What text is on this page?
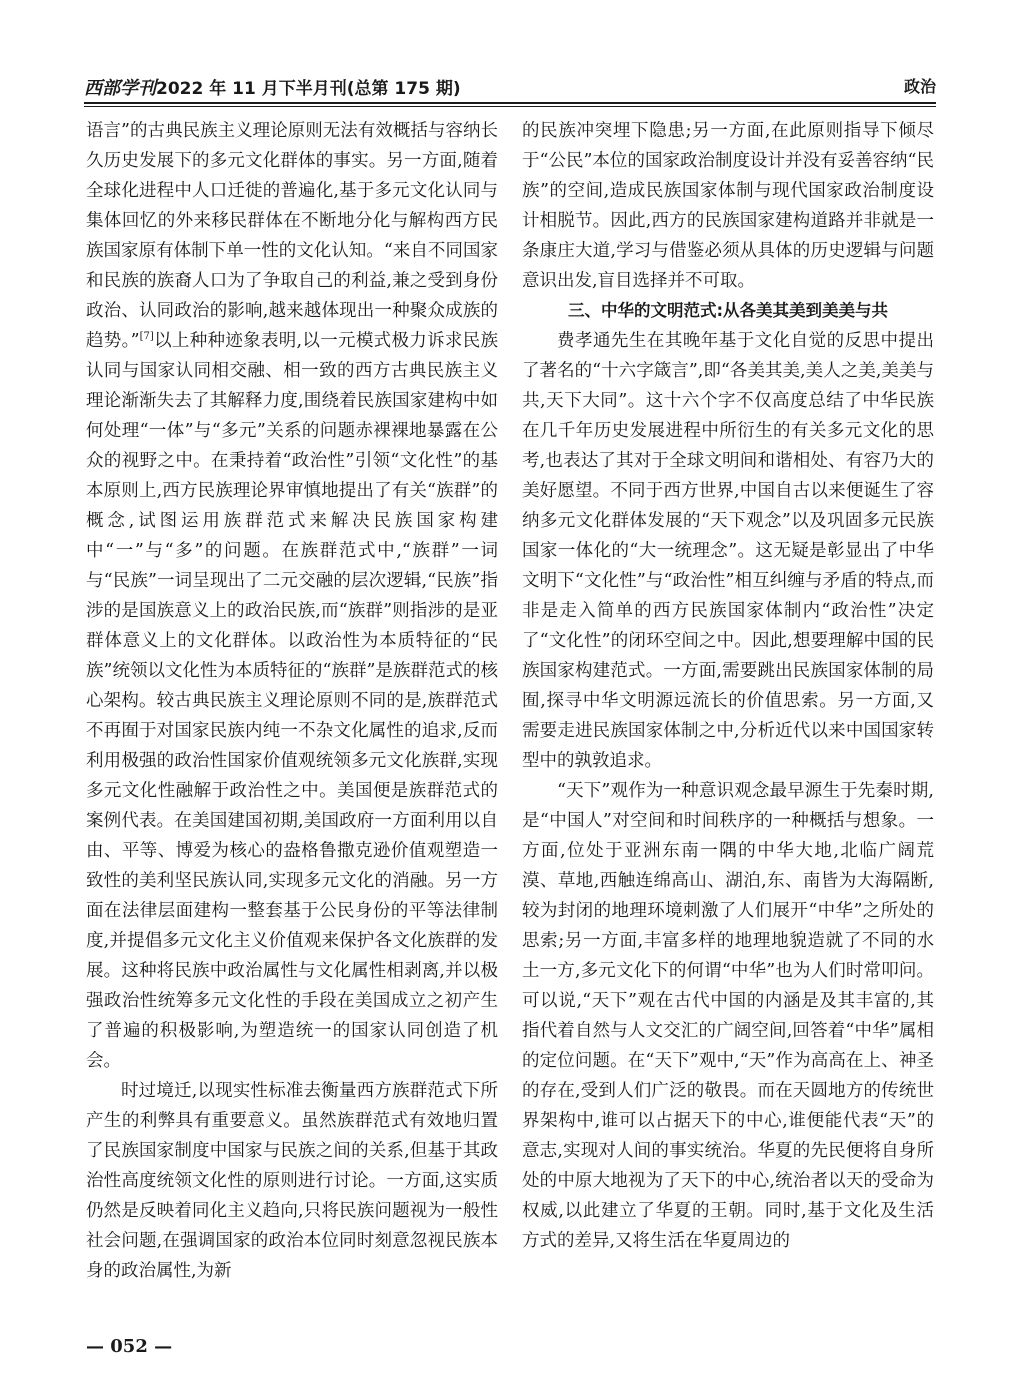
西部学刊2022 年 11 月下半月刊(总第 175 期)	政治

语言”的古典民族主义理论原则无法有效概括与容纳长久历史发展下的多元文化群体的事实。另一方面,随着全球化进程中人口迁徙的普遍化,基于多元文化认同与集体回忆的外来移民群体在不断地分化与解构西方民族国家原有体制下单一性的文化认知。“来自不同国家和民族的族裔人口为了争取自己的利益,兼之受到身份政治、认同政治的影响,越来越体现出一种聚众成族的趋势。”[7]以上种种迹象表明,以一元模式极力诉求民族认同与国家认同相交融、相一致的西方古典民族主义理论渐渐失去了其解释力度,围绕着民族国家建构中如何处理“一体”与“多元”关系的问题赤裸裸地暴露在公众的视野之中。在秉持着“政治性”引领“文化性”的基本原则上,西方民族理论界审慎地提出了有关“族群”的概念,试图运用族群范式来解决民族国家构建中“一”与“多”的问题。在族群范式中,“族群”一词与“民族”一词呈现出了二元交融的层次逻辑,“民族”指涉的是国族意义上的政治民族,而“族群”则指涉的是亚群体意义上的文化群体。以政治性为本质特征的“民族”统领以文化性为本质特征的“族群”是族群范式的核心架构。较古典民族主义理论原则不同的是,族群范式不再囿于对国家民族内纯一不杂文化属性的追求,反而利用极强的政治性国家价值观统领多元文化族群,实现多元文化性融解于政治性之中。美国便是族群范式的案例代表。在美国建国初期,美国政府一方面利用以自由、平等、博爱为核心的盎格鲁撒克逊价值观塑造一致性的美利坚民族认同,实现多元文化的消融。另一方面在法律层面建构一整套基于公民身份的平等法律制度,并提倡多元文化主义价值观来保护各文化族群的发展。这种将民族中政治属性与文化属性相剥离,并以极强政治性统筹多元文化性的手段在美国成立之初产生了普遍的积极影响,为塑造统一的国家认同创造了机会。

时过境迁,以现实性标准去衡量西方族群范式下所产生的利弊具有重要意义。虽然族群范式有效地归置了民族国家制度中国家与民族之间的关系,但基于其政治性高度统领文化性的原则进行讨论。一方面,这实质仍然是反映着同化主义趋向,只将民族问题视为一般性社会问题,在强调国家的政治本位同时刻意忽视民族本身的政治属性,为新

的民族冲突埋下隐患;另一方面,在此原则指导下倾尽于“公民”本位的国家政治制度设计并没有妥善容纳“民族”的空间,造成民族国家体制与现代国家政治制度设计相脱节。因此,西方的民族国家建构道路并非就是一条康庄大道,学习与借鉴必须从具体的历史逻辑与问题意识出发,盲目选择并不可取。

三、中华的文明范式:从各美其美到美美与共

费孝通先生在其晚年基于文化自觉的反思中提出了著名的“十六字箴言”,即“各美其美,美人之美,美美与共,天下大同”。这十六个字不仅高度总结了中华民族在几千年历史发展进程中所衍生的有关多元文化的思考,也表达了其对于全球文明间和谐相处、有容乃大的美好愿望。不同于西方世界,中国自古以来便诞生了容纳多元文化群体发展的“天下观念”以及巩固多元民族国家一体化的“大一统理念”。这无疑是彰显出了中华文明下“文化性”与“政治性”相互纠缠与矛盾的特点,而非是走入简单的西方民族国家体制内“政治性”决定了“文化性”的闭环空间之中。因此,想要理解中国的民族国家构建范式。一方面,需要跳出民族国家体制的局囿,探寻中华文明源远流长的价值思索。另一方面,又需要走进民族国家体制之中,分析近代以来中国国家转型中的孰敦追求。

“天下”观作为一种意识观念最早源生于先秦时期,是“中国人”对空间和时间秩序的一种概括与想象。一方面,位处于亚洲东南一隅的中华大地,北临广阔荒漠、草地,西触连绵高山、湖泊,东、南皆为大海隔断,较为封闭的地理环境刺激了人们展开“中华”之所处的思索;另一方面,丰富多样的地理地貌造就了不同的水土一方,多元文化下的何谓“中华”也为人们时常叩问。可以说,“天下”观在古代中国的内涵是及其丰富的,其指代着自然与人文交汇的广阔空间,回答着“中华”属相的定位问题。在“天下”观中,“天”作为高高在上、神圣的存在,受到人们广泛的敬畏。而在天圆地方的传统世界架构中,谁可以占据天下的中心,谁便能代表“天”的意志,实现对人间的事实统治。华夏的先民便将自身所处的中原大地视为了天下的中心,统治者以天的受命为权威,以此建立了华夏的王朝。同时,基于文化及生活方式的差异,又将生活在华夏周边的

— 052 —
